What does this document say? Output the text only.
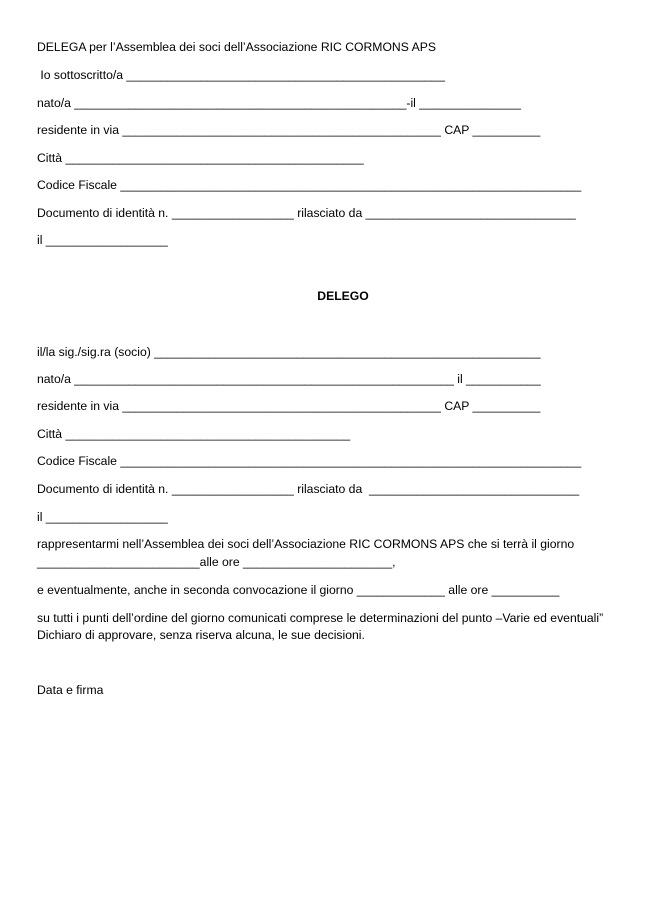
DELEGA per l’Assemblea dei soci dell’Associazione RIC CORMONS APS
Io sottoscritto/a _______________________________________________
nato/a _________________________________________________-il _______________
residente in via _______________________________________________ CAP __________
Città ____________________________________________
Codice Fiscale ____________________________________________________________________
Documento di identità n. __________________ rilasciato da _______________________________
il __________________
DELEGO
il/la sig./sig.ra (socio) _________________________________________________________
nato/a ________________________________________________________ il ___________
residente in via _______________________________________________ CAP __________
Città __________________________________________
Codice Fiscale ____________________________________________________________________
Documento di identità n. __________________ rilasciato da  _______________________________
il __________________
rappresentarmi nell’Assemblea dei soci dell’Associazione RIC CORMONS APS che si terrà il giorno
________________________alle ore ______________________,
e eventualmente, anche in seconda convocazione il giorno _____________ alle ore __________
su tutti i punti dell’ordine del giorno comunicati comprese le determinazioni del punto –Varie ed eventuali”
Dichiaro di approvare, senza riserva alcuna, le sue decisioni.
Data e firma
